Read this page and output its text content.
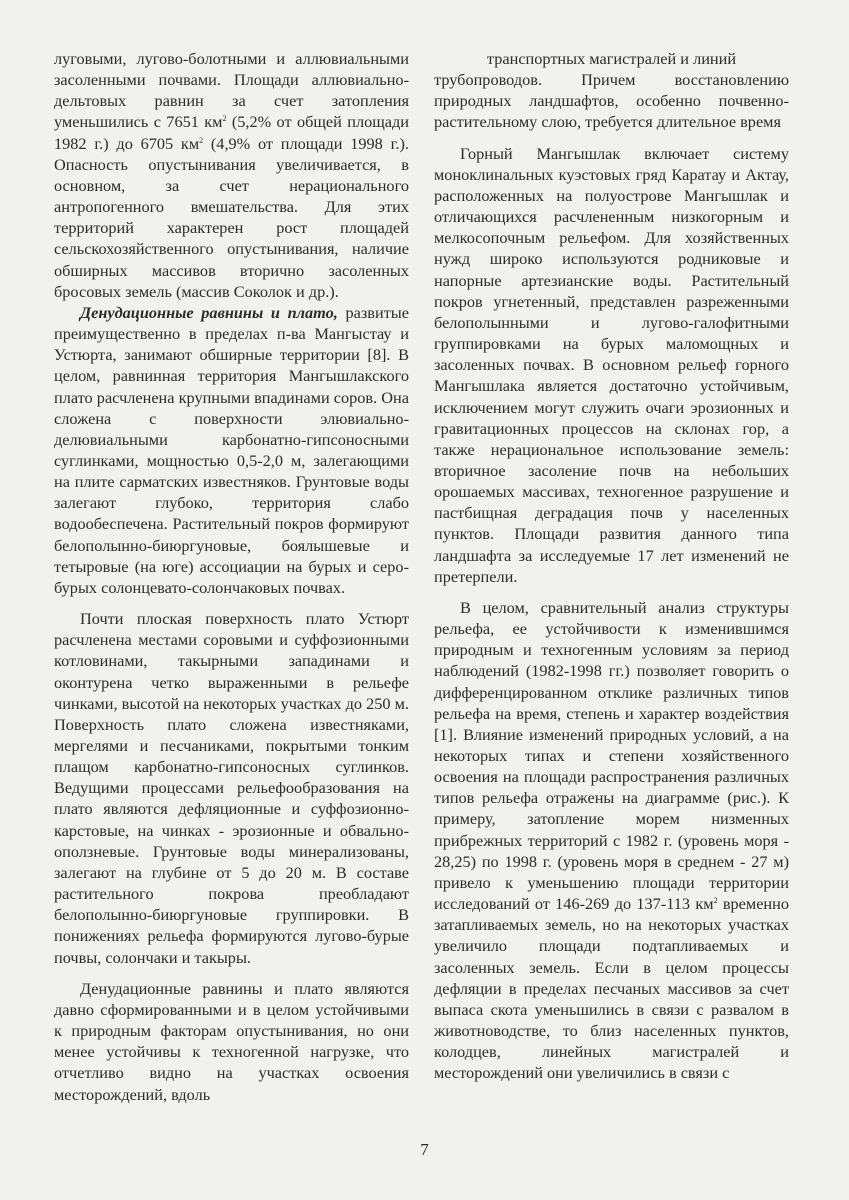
луговыми, лугово-болотными и аллювиальными засоленными почвами. Площади аллювиально-дельтовых равнин за счет затопления уменьшились с 7651 $км^2$ (5,2% от общей площади 1982 г.) до 6705 $км^2$ (4,9% от площади 1998 г.). Опасность опустынивания увеличивается, в основном, за счет нерационального антропогенного вмешательства. Для этих территорий характерен рост площадей сельскохозяйственного опустынивания, наличие обширных массивов вторично засоленных бросовых земель (массив Соколок и др.).

Денудационные равнины и плато, развитые преимущественно в пределах п-ва Мангыстау и Устюрта, занимают обширные территории [8]. В целом, равнинная территория Мангышлакского плато расчленена крупными впадинами соров. Она сложена с поверхности элювиально-делювиальными карбонатно-гипсоносными суглинками, мощностью 0,5-2,0 м, залегающими на плите сарматских известняков. Грунтовые воды залегают глубоко, территория слабо водообеспечена. Растительный покров формируют белополынно-биюргуновые, боялышевые и тетыровые (на юге) ассоциации на бурых и серо-бурых солонцевато-солончаковых почвах.

Почти плоская поверхность плато Устюрт расчленена местами соровыми и суффозионными котловинами, такырными западинами и оконтурена четко выраженными в рельефе чинками, высотой на некоторых участках до 250 м. Поверхность плато сложена известняками, мергелями и песчаниками, покрытыми тонким плащом карбонатно-гипсоносных суглинков. Ведущими процессами рельефообразования на плато являются дефляционные и суффозионно-карстовые, на чинках - эрозионные и обвально-оползневые. Грунтовые воды минерализованы, залегают на глубине от 5 до 20 м. В составе растительного покрова преобладают белополынно-биюргуновые группировки. В понижениях рельефа формируются лугово-бурые почвы, солончаки и такыры.

Денудационные равнины и плато являются давно сформированными и в целом устойчивыми к природным факторам опустынивания, но они менее устойчивы к техногенной нагрузке, что отчетливо видно на участках освоения месторождений, вдоль

транспортных магистралей и линий

трубопроводов. Причем восстановлению природных ландшафтов, особенно почвенно-растительному слою, требуется длительное время

Горный Мангышлак включает систему моноклинальных куэстовых гряд Каратау и Актау, расположенных на полуострове Мангышлак и отличающихся расчлененным низкогорным и мелкосопочным рельефом. Для хозяйственных нужд широко используются родниковые и напорные артезианские воды. Растительный покров угнетенный, представлен разреженными белополынными и лугово-галофитными группировками на бурых маломощных и засоленных почвах. В основном рельеф горного Мангышлака является достаточно устойчивым, исключением могут служить очаги эрозионных и гравитационных процессов на склонах гор, а также нерациональное использование земель: вторичное засоление почв на небольших орошаемых массивах, техногенное разрушение и пастбищная деградация почв у населенных пунктов. Площади развития данного типа ландшафта за исследуемые 17 лет изменений не претерпели.

В целом, сравнительный анализ структуры рельефа, ее устойчивости к изменившимся природным и техногенным условиям за период наблюдений (1982-1998 гг.) позволяет говорить о дифференцированном отклике различных типов рельефа на время, степень и характер воздействия [1]. Влияние изменений природных условий, а на некоторых типах и степени хозяйственного освоения на площади распространения различных типов рельефа отражены на диаграмме (рис.). К примеру, затопление морем низменных прибрежных территорий с 1982 г. (уровень моря - 28,25) по 1998 г. (уровень моря в среднем - 27 м) привело к уменьшению площади территории исследований от 146-269 до 137-113 $км^2$ временно затапливаемых земель, но на некоторых участках увеличило площади подтапливаемых и засоленных земель. Если в целом процессы дефляции в пределах песчаных массивов за счет выпаса скота уменьшились в связи с развалом в животноводстве, то близ населенных пунктов, колодцев, линейных магистралей и месторождений они увеличились в связи с

7
